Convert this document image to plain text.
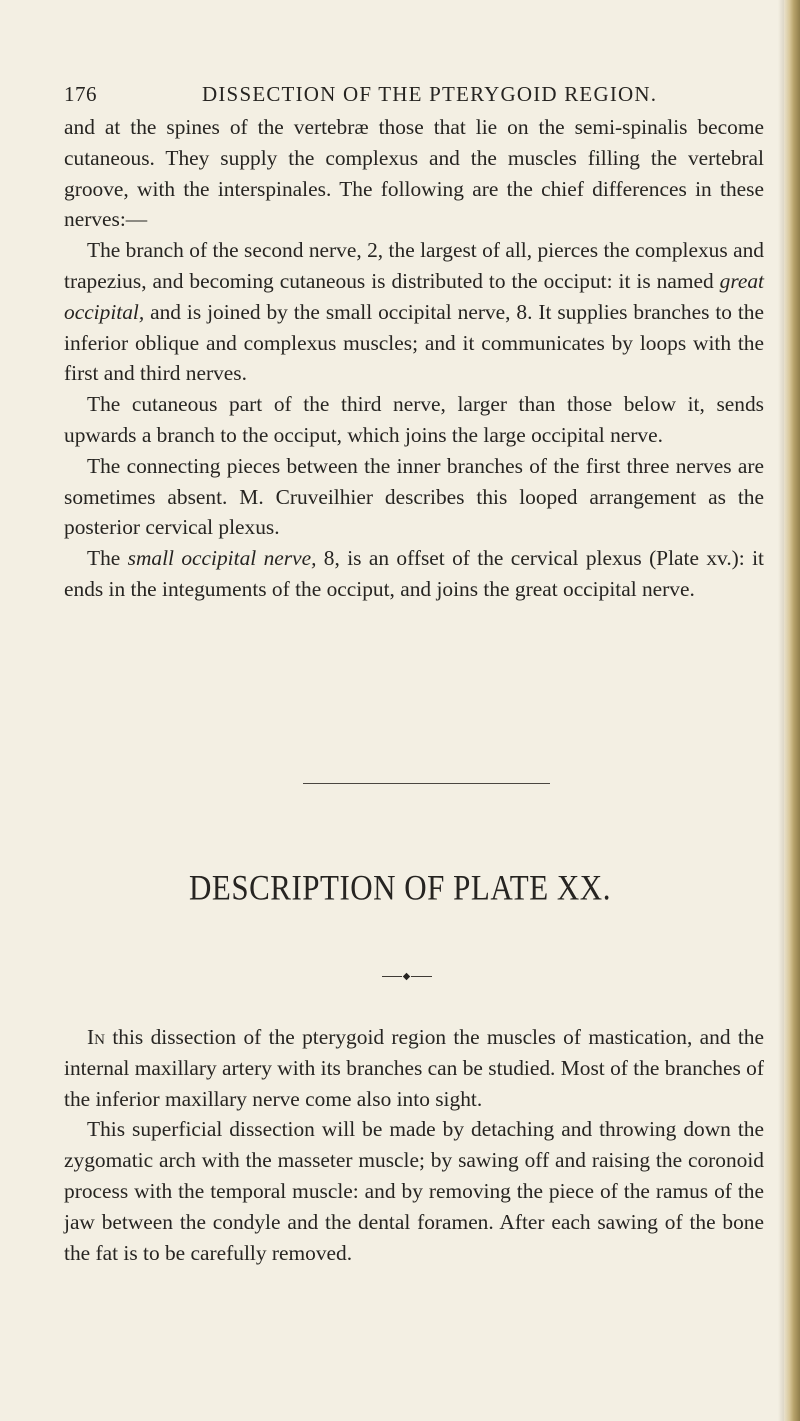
176	DISSECTION OF THE PTERYGOID REGION.

and at the spines of the vertebræ those that lie on the semi-spinalis become cutaneous. They supply the complexus and the muscles filling the vertebral groove, with the interspinales. The following are the chief differences in these nerves:—

The branch of the second nerve, 2, the largest of all, pierces the complexus and trapezius, and becoming cutaneous is distributed to the occiput: it is named great occipital, and is joined by the small occipital nerve, 8. It supplies branches to the inferior oblique and complexus muscles; and it communicates by loops with the first and third nerves.

The cutaneous part of the third nerve, larger than those below it, sends upwards a branch to the occiput, which joins the large occipital nerve.

The connecting pieces between the inner branches of the first three nerves are sometimes absent. M. Cruveilhier describes this looped arrangement as the posterior cervical plexus.

The small occipital nerve, 8, is an offset of the cervical plexus (Plate xv.): it ends in the integuments of the occiput, and joins the great occipital nerve.

DESCRIPTION OF PLATE XX.

In this dissection of the pterygoid region the muscles of mastication, and the internal maxillary artery with its branches can be studied. Most of the branches of the inferior maxillary nerve come also into sight.

This superficial dissection will be made by detaching and throwing down the zygomatic arch with the masseter muscle; by sawing off and raising the coronoid process with the temporal muscle: and by removing the piece of the ramus of the jaw between the condyle and the dental foramen. After each sawing of the bone the fat is to be carefully removed.
